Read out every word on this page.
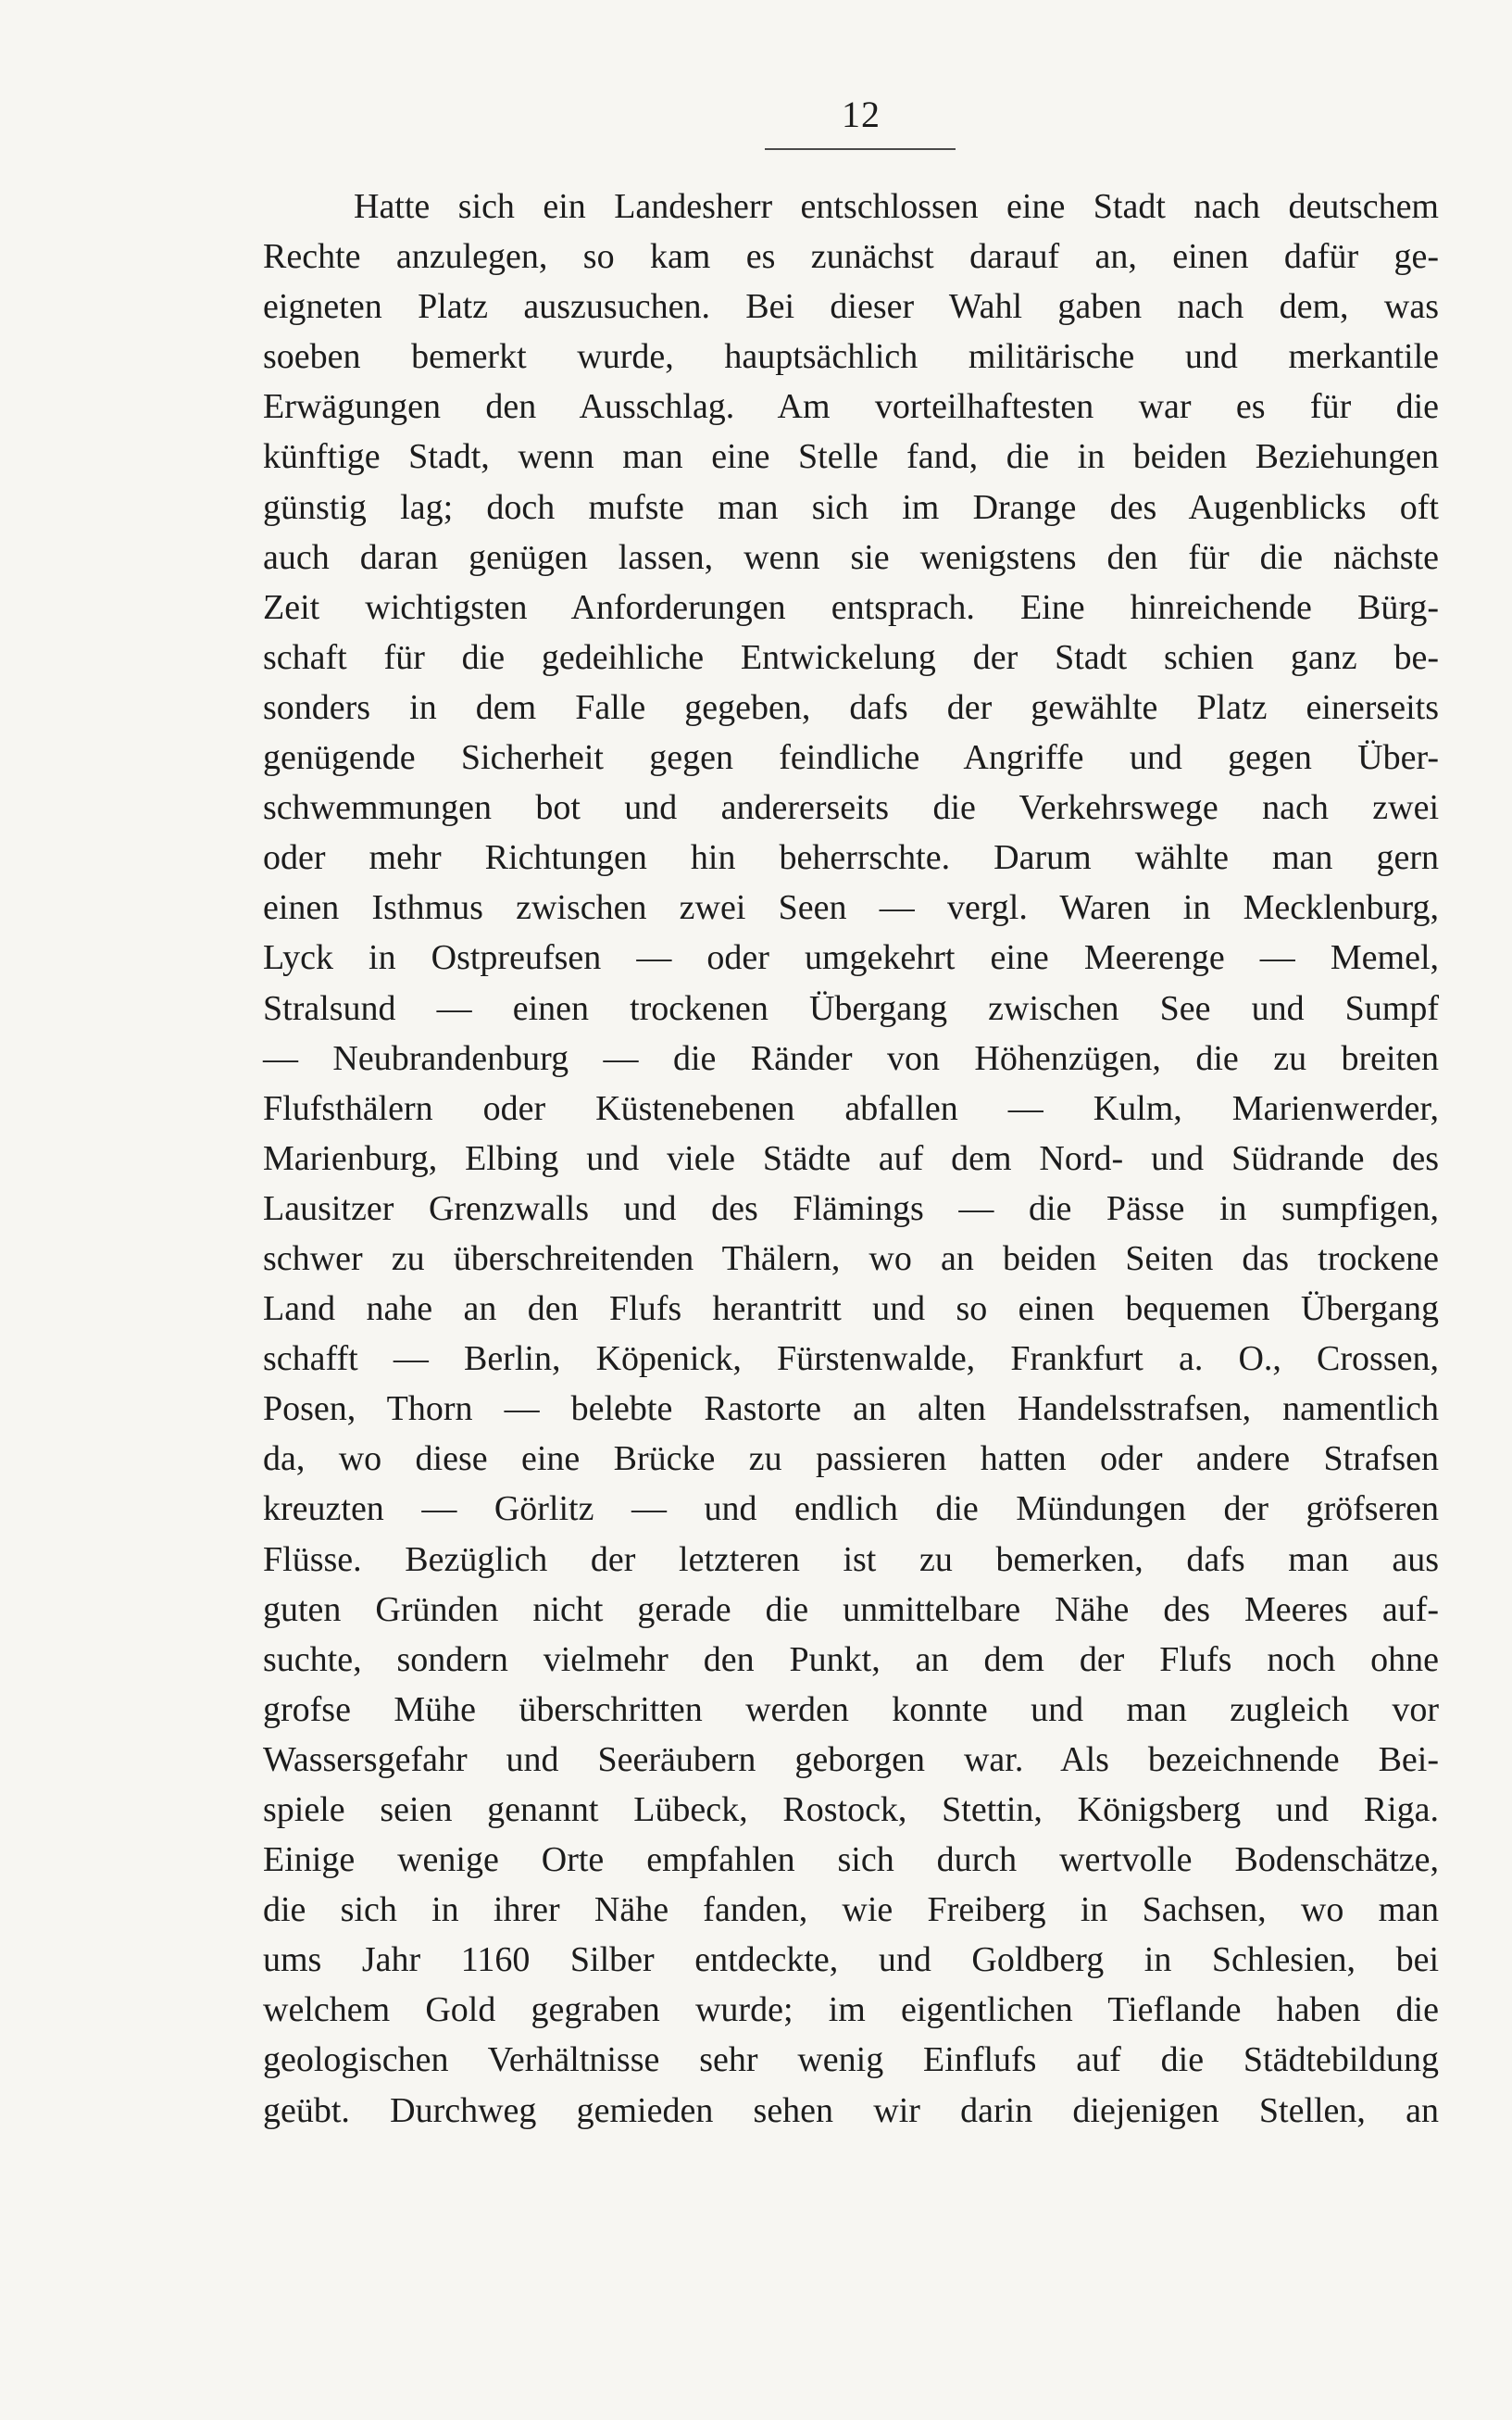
12
Hatte sich ein Landesherr entschlossen eine Stadt nach deutschem
Rechte anzulegen, so kam es zunächst darauf an, einen dafür ge-
eigneten Platz auszusuchen. Bei dieser Wahl gaben nach dem, was
soeben bemerkt wurde, hauptsächlich militärische und merkantile
Erwägungen den Ausschlag. Am vorteilhaftesten war es für die
künftige Stadt, wenn man eine Stelle fand, die in beiden Beziehungen
günstig lag; doch mufste man sich im Drange des Augenblicks oft
auch daran genügen lassen, wenn sie wenigstens den für die nächste
Zeit wichtigsten Anforderungen entsprach. Eine hinreichende Bürg-
schaft für die gedeihliche Entwickelung der Stadt schien ganz be-
sonders in dem Falle gegeben, dafs der gewählte Platz einerseits
genügende Sicherheit gegen feindliche Angriffe und gegen Über-
schwemmungen bot und andererseits die Verkehrswege nach zwei
oder mehr Richtungen hin beherrschte. Darum wählte man gern
einen Isthmus zwischen zwei Seen — vergl. Waren in Mecklenburg,
Lyck in Ostpreufsen — oder umgekehrt eine Meerenge — Memel,
Stralsund — einen trockenen Übergang zwischen See und Sumpf
— Neubrandenburg — die Ränder von Höhenzügen, die zu breiten
Flufsthälern oder Küstenebenen abfallen — Kulm, Marienwerder,
Marienburg, Elbing und viele Städte auf dem Nord- und Südrande des
Lausitzer Grenzwalls und des Flämings — die Pässe in sumpfigen,
schwer zu überschreitenden Thälern, wo an beiden Seiten das trockene
Land nahe an den Flufs herantritt und so einen bequemen Übergang
schafft — Berlin, Köpenick, Fürstenwalde, Frankfurt a. O., Crossen,
Posen, Thorn — belebte Rastorte an alten Handelsstrafsen, namentlich
da, wo diese eine Brücke zu passieren hatten oder andere Strafsen
kreuzten — Görlitz — und endlich die Mündungen der gröfseren
Flüsse. Bezüglich der letzteren ist zu bemerken, dafs man aus
guten Gründen nicht gerade die unmittelbare Nähe des Meeres auf-
suchte, sondern vielmehr den Punkt, an dem der Flufs noch ohne
grofse Mühe überschritten werden konnte und man zugleich vor
Wassersgefahr und Seeräubern geborgen war. Als bezeichnende Bei-
spiele seien genannt Lübeck, Rostock, Stettin, Königsberg und Riga.
Einige wenige Orte empfahlen sich durch wertvolle Bodenschätze,
die sich in ihrer Nähe fanden, wie Freiberg in Sachsen, wo man
ums Jahr 1160 Silber entdeckte, und Goldberg in Schlesien, bei
welchem Gold gegraben wurde; im eigentlichen Tieflande haben die
geologischen Verhältnisse sehr wenig Einflufs auf die Städtebildung
geübt. Durchweg gemieden sehen wir darin diejenigen Stellen, an
